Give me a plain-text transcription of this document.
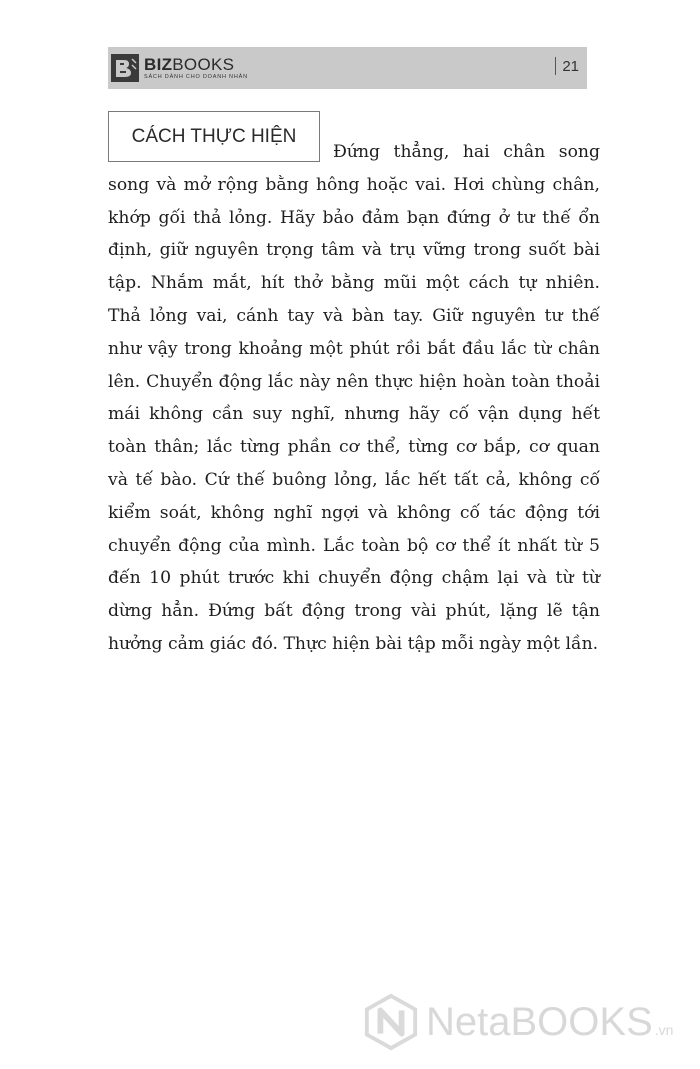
BIZBOOKS
SÁCH DÀNH CHO DOANH NHÂN
21
CÁCH THỰC HIỆN

Đứng thẳng, hai chân song song và mở rộng bằng hông hoặc vai. Hơi chùng chân, khớp gối thả lỏng. Hãy bảo đảm bạn đứng ở tư thế ổn định, giữ nguyên trọng tâm và trụ vững trong suốt bài tập. Nhắm mắt, hít thở bằng mũi một cách tự nhiên. Thả lỏng vai, cánh tay và bàn tay. Giữ nguyên tư thế như vậy trong khoảng một phút rồi bắt đầu lắc từ chân lên. Chuyển động lắc này nên thực hiện hoàn toàn thoải mái không cần suy nghĩ, nhưng hãy cố vận dụng hết toàn thân; lắc từng phần cơ thể, từng cơ bắp, cơ quan và tế bào. Cứ thế buông lỏng, lắc hết tất cả, không cố kiểm soát, không nghĩ ngợi và không cố tác động tới chuyển động của mình. Lắc toàn bộ cơ thể ít nhất từ 5 đến 10 phút trước khi chuyển động chậm lại và từ từ dừng hẳn. Đứng bất động trong vài phút, lặng lẽ tận hưởng cảm giác đó. Thực hiện bài tập mỗi ngày một lần.

NetaBOOKS .vn
